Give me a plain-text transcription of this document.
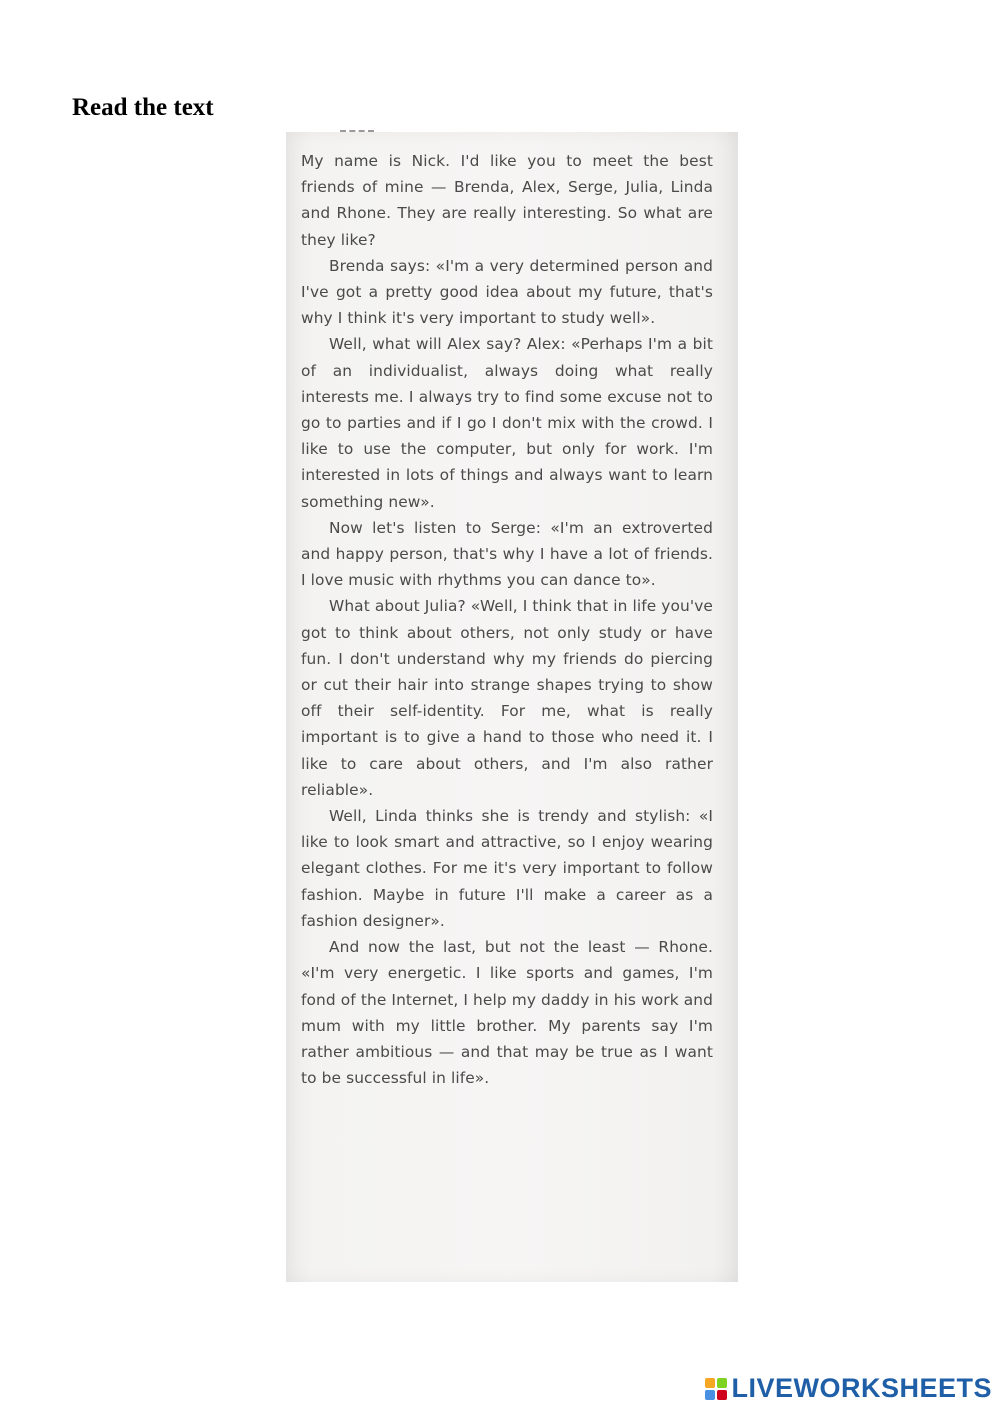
Read the text

My name is Nick. I'd like you to meet the best friends of mine — Brenda, Alex, Serge, Julia, Linda and Rhone. They are really interesting. So what are they like?

Brenda says: «I'm a very determined person and I've got a pretty good idea about my future, that's why I think it's very important to study well».

Well, what will Alex say? Alex: «Perhaps I'm a bit of an individualist, always doing what really interests me. I always try to find some excuse not to go to parties and if I go I don't mix with the crowd. I like to use the computer, but only for work. I'm interested in lots of things and always want to learn something new».

Now let's listen to Serge: «I'm an extroverted and happy person, that's why I have a lot of friends. I love music with rhythms you can dance to».

What about Julia? «Well, I think that in life you've got to think about others, not only study or have fun. I don't understand why my friends do piercing or cut their hair into strange shapes trying to show off their self-identity. For me, what is really important is to give a hand to those who need it. I like to care about others, and I'm also rather reliable».

Well, Linda thinks she is trendy and stylish: «I like to look smart and attractive, so I enjoy wearing elegant clothes. For me it's very important to follow fashion. Maybe in future I'll make a career as a fashion designer».

And now the last, but not the least — Rhone. «I'm very energetic. I like sports and games, I'm fond of the Internet, I help my daddy in his work and mum with my little brother. My parents say I'm rather ambitious — and that may be true as I want to be successful in life».

LIVEWORKSHEETS
